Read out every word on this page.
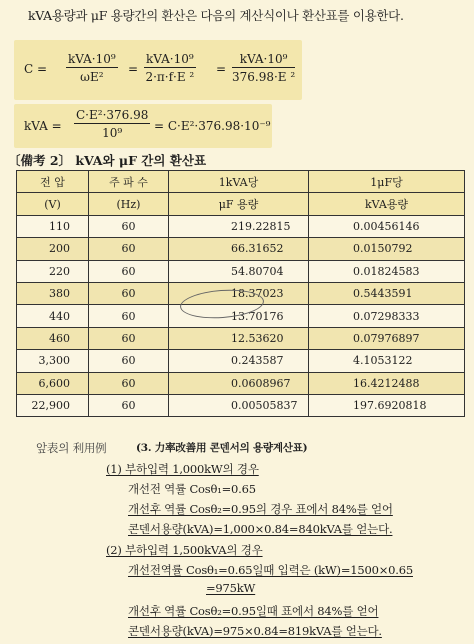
kVA용량과 μF 용량간의 환산은 다음의 계산식이나 환산표를 이용한다.
C =
kVA·10⁹
ωE²
=
kVA·10⁹
2·π·f·E ²
=
kVA·10⁹
376.98·E ²
kVA = $\frac{\text{C·E²·376.98}}{\text{10⁹}} = C\cdot E^2\cdot 376.98\cdot 10^{-9}$
〔備考 2〕 kVA와 μF 간의 환산표
전 압	주 파 수	1kVA당	1μF당
(V)	(Hz)	μF 용량	kVA용량
110	60	219.22815	0.00456146
200	60	66.31652	0.0150792
220	60	54.80704	0.01824583
380	60	18.37023	0.5443591
440	60	13.70176	0.07298333
460	60	12.53620	0.07976897
3,300	60	0.243587	4.1053122
6,600	60	0.0608967	16.4212488
22,900	60	0.00505837	197.6920818
앞表의 利用例	(3. 力率改善用 콘덴서의 용량계산표)
(1) 부하입력 1,000kW의 경우
개선전 역률 Cosθ₁=0.65
개선후 역률 Cosθ₂=0.95의 경우 표에서 84%를 얻어
콘덴서용량(kVA)=1,000×0.84=840kVA를 얻는다.
(2) 부하입력 1,500kVA의 경우
개선전역률 Cosθ₁=0.65일때 입력은 (kW)=1500×0.65
=975kW
개선후 역률 Cosθ₂=0.95일때 표에서 84%를 얻어
콘덴서용량(kVA)=975×0.84=819kVA를 얻는다.
